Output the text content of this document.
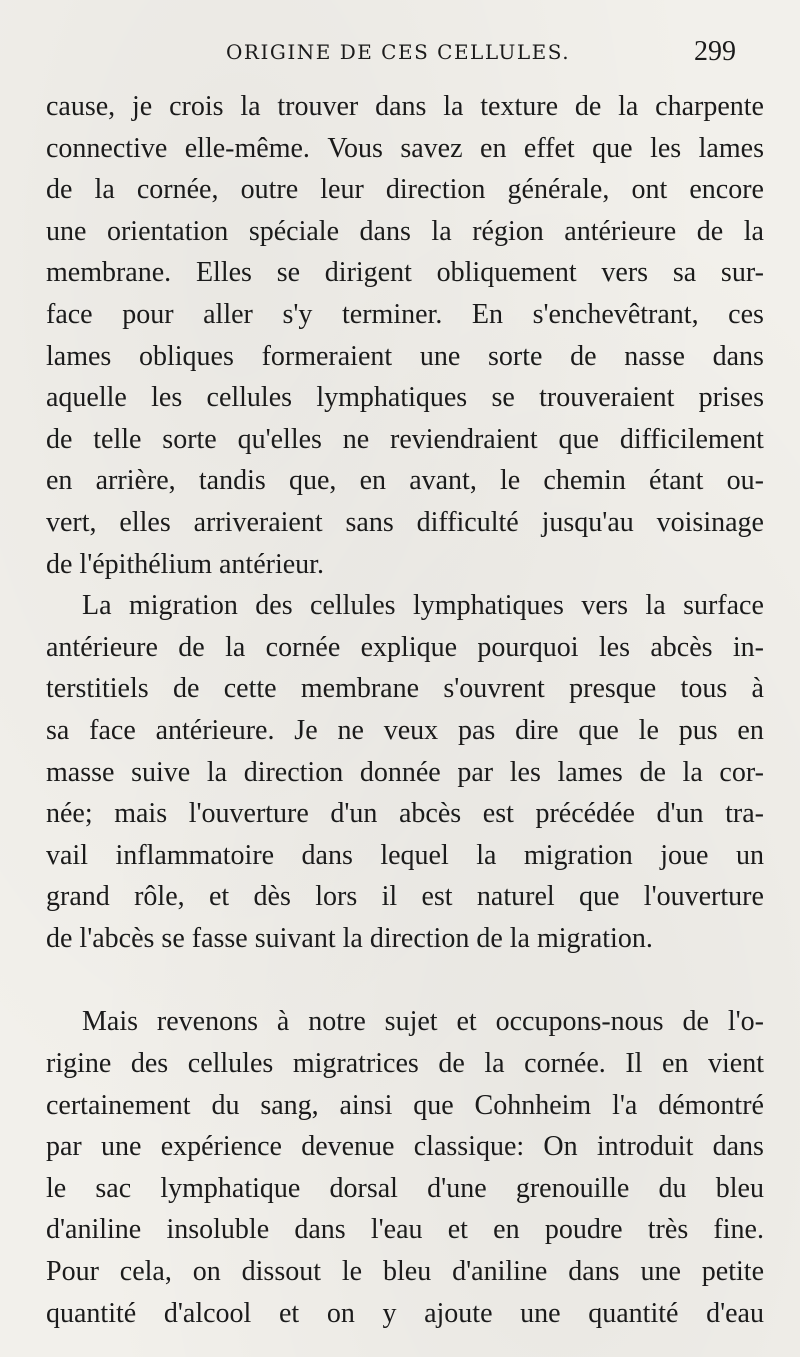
ORIGINE DE CES CELLULES.	299

cause, je crois la trouver dans la texture de la charpente
connective elle-même. Vous savez en effet que les lames
de la cornée, outre leur direction générale, ont encore
une orientation spéciale dans la région antérieure de la
membrane. Elles se dirigent obliquement vers sa sur-
face pour aller s'y terminer. En s'enchevêtrant, ces
lames obliques formeraient une sorte de nasse dans
aquelle les cellules lymphatiques se trouveraient prises
de telle sorte qu'elles ne reviendraient que difficilement
en arrière, tandis que, en avant, le chemin étant ou-
vert, elles arriveraient sans difficulté jusqu'au voisinage
de l'épithélium antérieur.

La migration des cellules lymphatiques vers la surface
antérieure de la cornée explique pourquoi les abcès in-
terstitiels de cette membrane s'ouvrent presque tous à
sa face antérieure. Je ne veux pas dire que le pus en
masse suive la direction donnée par les lames de la cor-
née; mais l'ouverture d'un abcès est précédée d'un tra-
vail inflammatoire dans lequel la migration joue un
grand rôle, et dès lors il est naturel que l'ouverture
de l'abcès se fasse suivant la direction de la migration.

Mais revenons à notre sujet et occupons-nous de l'o-
rigine des cellules migratrices de la cornée. Il en vient
certainement du sang, ainsi que Cohnheim l'a démontré
par une expérience devenue classique: On introduit dans
le sac lymphatique dorsal d'une grenouille du bleu
d'aniline insoluble dans l'eau et en poudre très fine.
Pour cela, on dissout le bleu d'aniline dans une petite
quantité d'alcool et on y ajoute une quantité d'eau
